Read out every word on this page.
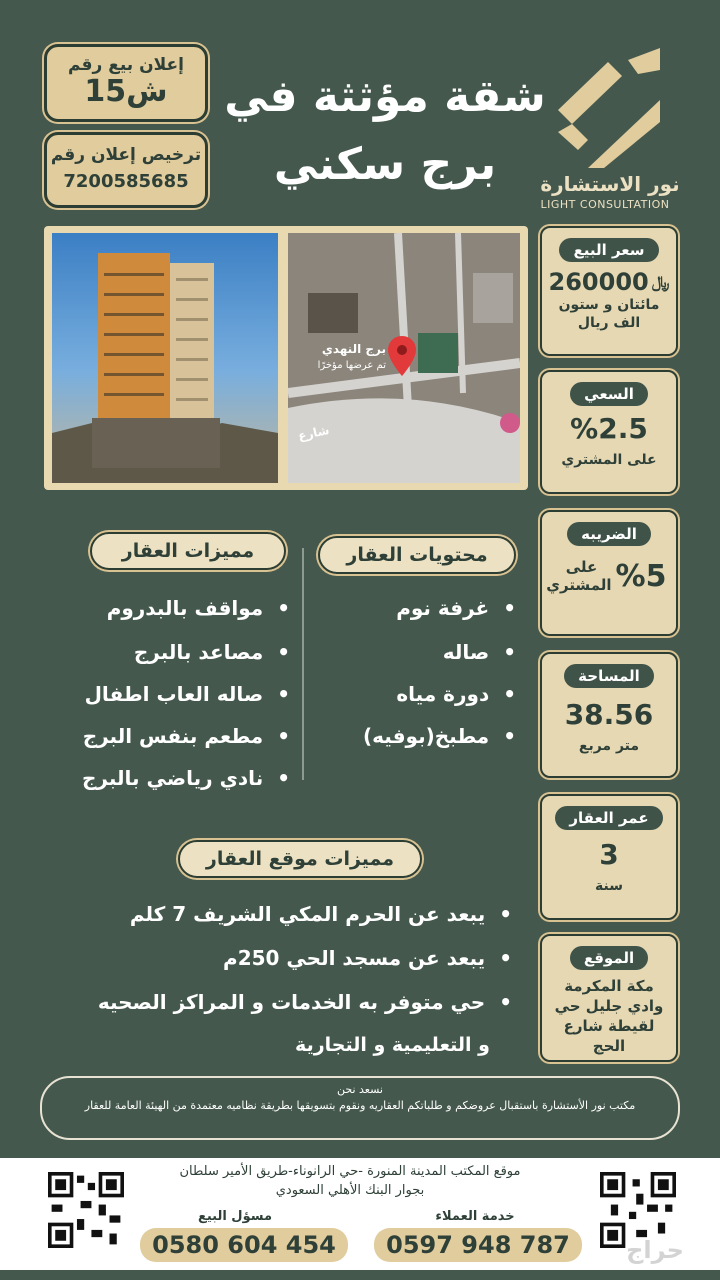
إعلان بيع رقم
ش15
ترخيص إعلان رقم
7200585685
شقة مؤثثة في
برج سكني	نور الاستشارة
LIGHT CONSULTATION
برج النهدي
تم عرضها مؤخرًا
شارع
سعر البيع
260000 ﷼
مائتان و ستون الف ريال
السعي
%2.5
على المشتري
الضريبه
%5
على المشتري
المساحة
38.56
متر مربع
عمر العقار
3
سنة
الموقع
مكة المكرمة وادي جليل حي لقيطة شارع الحج
مميزات العقار
• مواقف بالبدروم
• مصاعد بالبرج
• صاله العاب اطفال
• مطعم بنفس البرج
• نادي رياضي بالبرج
محتويات العقار
• غرفة نوم
• صاله
• دورة مياه
• مطبخ(بوفيه)
مميزات موقع العقار
• يبعد عن الحرم المكي الشريف 7 كلم
• يبعد عن مسجد الحي 250م
• حي متوفر به الخدمات و المراكز الصحيه
و التعليمية و التجارية
نسعد نحن
مكتب نور الأستشارة باستقبال عروضكم و طلباتكم العقاريه ونقوم بتسويقها بطريقة نظاميه معتمدة من الهيئة العامة للعقار
موقع المكتب المدينة المنورة -حي الرانوناء-طريق الأمير سلطان
بجوار البنك الأهلي السعودي
مسؤل البيع
0580 604 454
خدمة العملاء
0597 948 787	حراج
